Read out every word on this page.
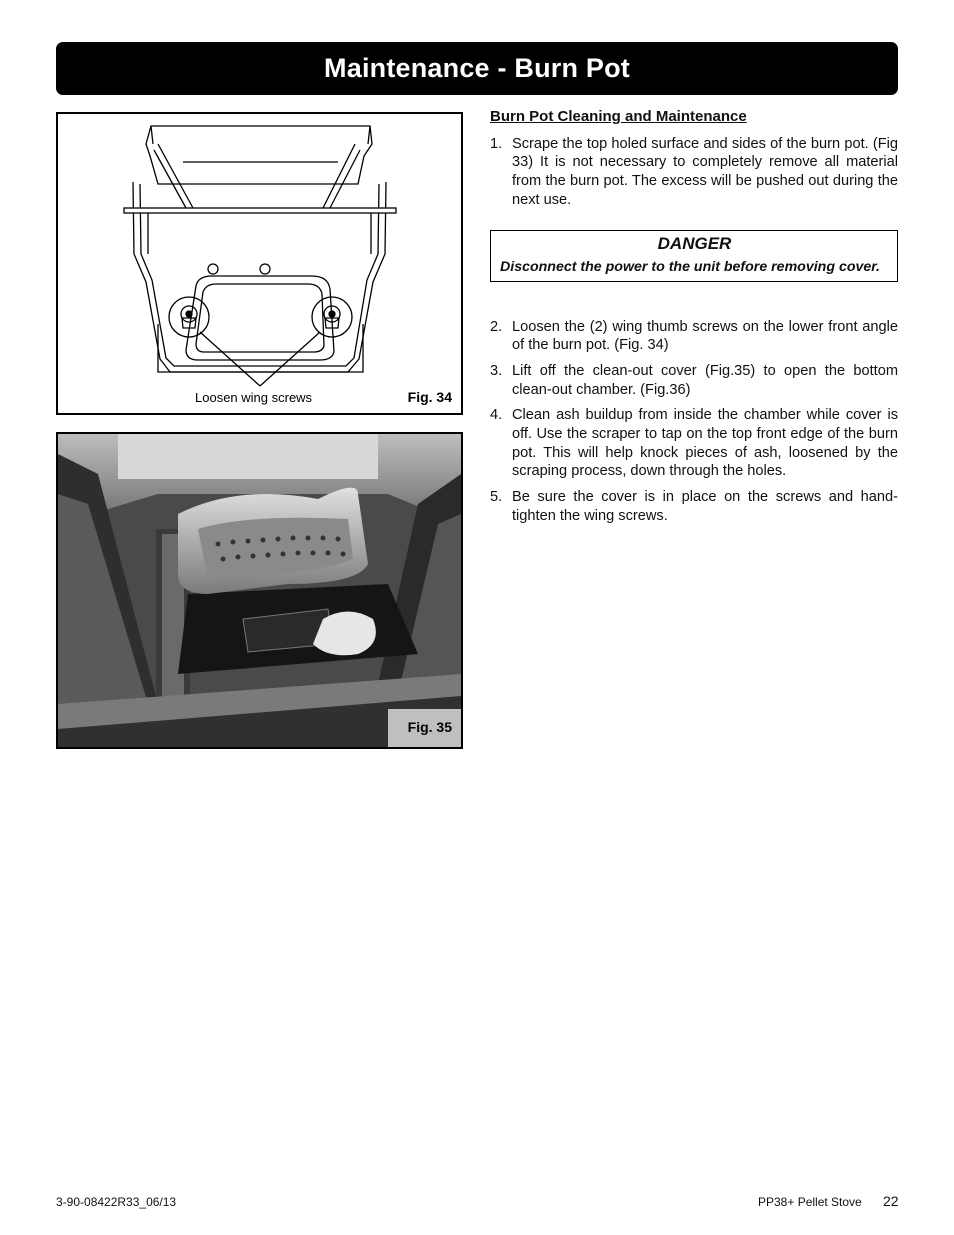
Maintenance - Burn Pot
Loosen wing screws	Fig. 34
Fig. 35
Burn Pot Cleaning and Maintenance
1. Scrape the top holed surface and sides of the burn pot. (Fig 33) It is not necessary to completely remove all material from the burn pot. The excess will be pushed out during the next use.
DANGER
Disconnect the power to the unit before removing cover.
2. Loosen the (2) wing thumb screws on the lower front angle of the burn pot. (Fig. 34)
3. Lift off the clean-out cover (Fig.35) to open the bottom clean-out chamber. (Fig.36)
4. Clean ash buildup from inside the chamber while cover is off. Use the scraper to tap on the top front edge of the burn pot. This will help knock pieces of ash, loosened by the scraping process, down through the holes.
5. Be sure the cover is in place on the screws and hand-tighten the wing screws.
3-90-08422R33_06/13	PP38+ Pellet Stove 22
